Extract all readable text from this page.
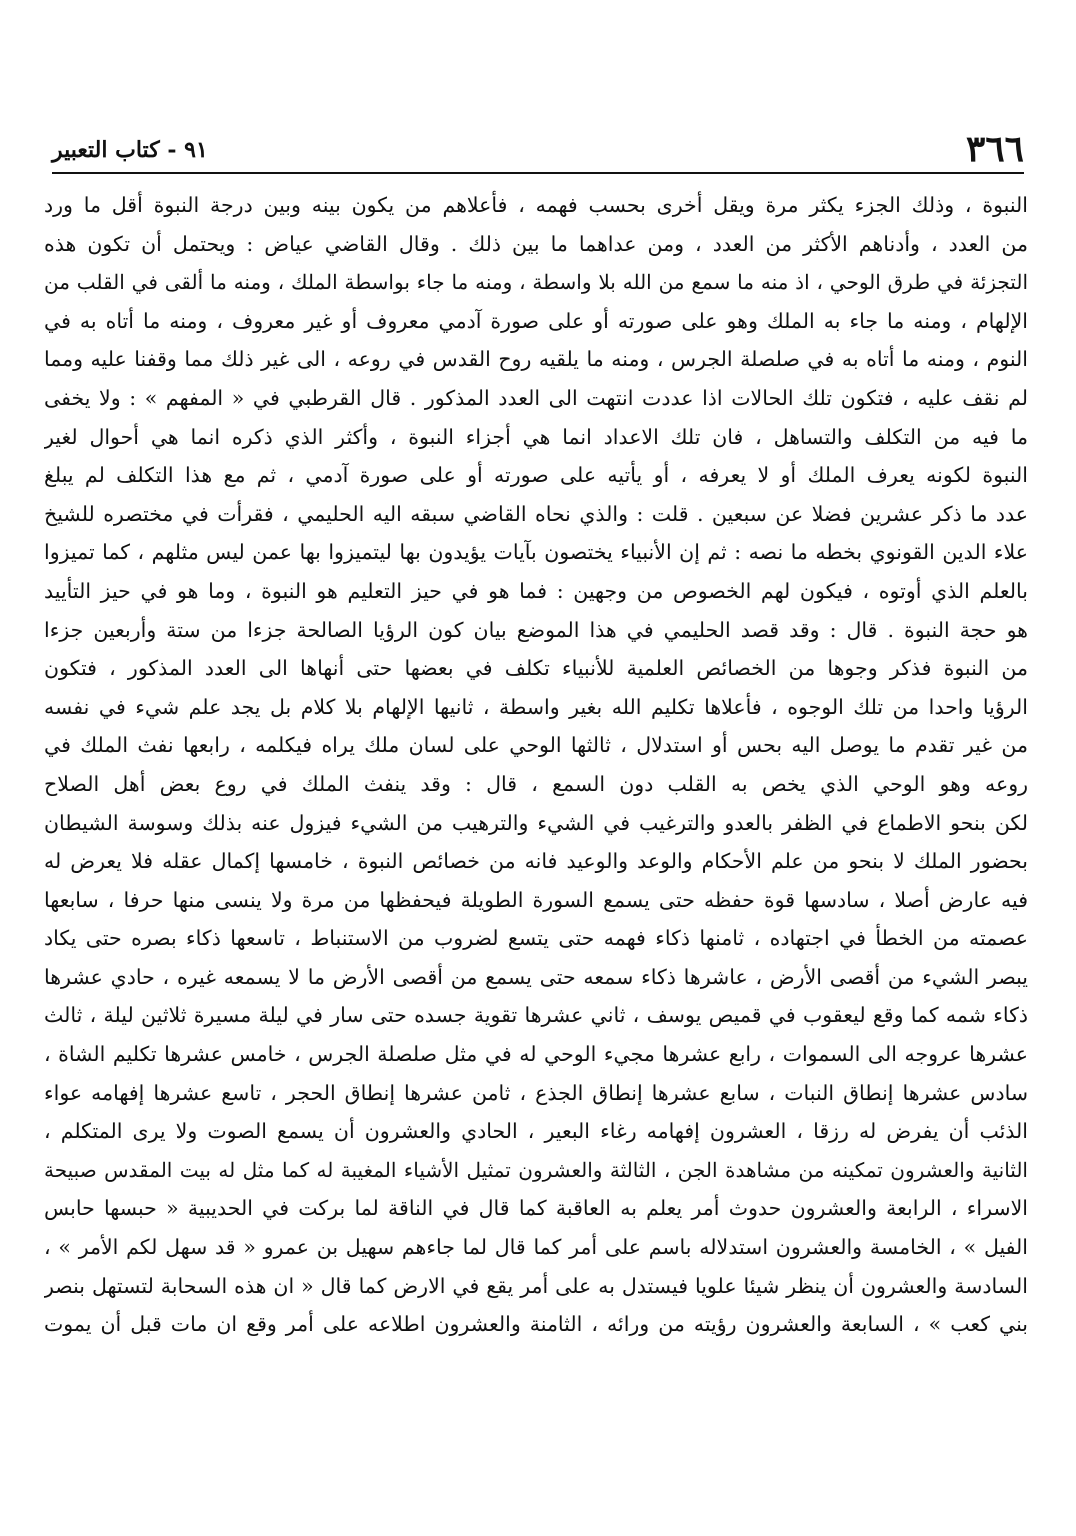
٣٦٦
٩١ - كتاب التعبير
النبوة ، وذلك الجزء يكثر مرة ويقل أخرى بحسب فهمه ، فأعلاهم من يكون بينه وبين درجة النبوة أقل ما ورد
من العدد ، وأدناهم الأكثر من العدد ، ومن عداهما ما بين ذلك . وقال القاضي عياض : ويحتمل أن تكون هذه
التجزئة في طرق الوحي ، اذ منه ما سمع من الله بلا واسطة ، ومنه ما جاء بواسطة الملك ، ومنه ما ألقى في القلب من
الإلهام ، ومنه ما جاء به الملك وهو على صورته أو على صورة آدمي معروف أو غير معروف ، ومنه ما أتاه به في
النوم ، ومنه ما أتاه به في صلصلة الجرس ، ومنه ما يلقيه روح القدس في روعه ، الى غير ذلك مما وقفنا عليه ومما
لم نقف عليه ، فتكون تلك الحالات اذا عددت انتهت الى العدد المذكور . قال القرطبي في « المفهم » : ولا يخفى
ما فيه من التكلف والتساهل ، فان تلك الاعداد انما هي أجزاء النبوة ، وأكثر الذي ذكره انما هي أحوال لغير
النبوة لكونه يعرف الملك أو لا يعرفه ، أو يأتيه على صورته أو على صورة آدمي ، ثم مع هذا التكلف لم يبلغ
عدد ما ذكر عشرين فضلا عن سبعين . قلت : والذي نحاه القاضي سبقه اليه الحليمي ، فقرأت في مختصره للشيخ
علاء الدين القونوي بخطه ما نصه : ثم إن الأنبياء يختصون بآيات يؤيدون بها ليتميزوا بها عمن ليس مثلهم ، كما تميزوا
بالعلم الذي أوتوه ، فيكون لهم الخصوص من وجهين : فما هو في حيز التعليم هو النبوة ، وما هو في حيز التأييد
هو حجة النبوة . قال : وقد قصد الحليمي في هذا الموضع بيان كون الرؤيا الصالحة جزءا من ستة وأربعين جزءا
من النبوة فذكر وجوها من الخصائص العلمية للأنبياء تكلف في بعضها حتى أنهاها الى العدد المذكور ، فتكون
الرؤيا واحدا من تلك الوجوه ، فأعلاها تكليم الله بغير واسطة ، ثانيها الإلهام بلا كلام بل يجد علم شيء في نفسه
من غير تقدم ما يوصل اليه بحس أو استدلال ، ثالثها الوحي على لسان ملك يراه فيكلمه ، رابعها نفث الملك في
روعه وهو الوحي الذي يخص به القلب دون السمع ، قال : وقد ينفث الملك في روع بعض أهل الصلاح
لكن بنحو الاطماع في الظفر بالعدو والترغيب في الشيء والترهيب من الشيء فيزول عنه بذلك وسوسة الشيطان
بحضور الملك لا بنحو من علم الأحكام والوعد والوعيد فانه من خصائص النبوة ، خامسها إكمال عقله فلا يعرض له
فيه عارض أصلا ، سادسها قوة حفظه حتى يسمع السورة الطويلة فيحفظها من مرة ولا ينسى منها حرفا ، سابعها
عصمته من الخطأ في اجتهاده ، ثامنها ذكاء فهمه حتى يتسع لضروب من الاستنباط ، تاسعها ذكاء بصره حتى يكاد
يبصر الشيء من أقصى الأرض ، عاشرها ذكاء سمعه حتى يسمع من أقصى الأرض ما لا يسمعه غيره ، حادي عشرها
ذكاء شمه كما وقع ليعقوب في قميص يوسف ، ثاني عشرها تقوية جسده حتى سار في ليلة مسيرة ثلاثين ليلة ، ثالث
عشرها عروجه الى السموات ، رابع عشرها مجيء الوحي له في مثل صلصلة الجرس ، خامس عشرها تكليم الشاة ،
سادس عشرها إنطاق النبات ، سابع عشرها إنطاق الجذع ، ثامن عشرها إنطاق الحجر ، تاسع عشرها إفهامه عواء
الذئب أن يفرض له رزقا ، العشرون إفهامه رغاء البعير ، الحادي والعشرون أن يسمع الصوت ولا يرى المتكلم ،
الثانية والعشرون تمكينه من مشاهدة الجن ، الثالثة والعشرون تمثيل الأشياء المغيبة له كما مثل له بيت المقدس صبيحة
الاسراء ، الرابعة والعشرون حدوث أمر يعلم به العاقبة كما قال في الناقة لما بركت في الحديبية « حبسها حابس
الفيل » ، الخامسة والعشرون استدلاله باسم على أمر كما قال لما جاءهم سهيل بن عمرو « قد سهل لكم الأمر » ،
السادسة والعشرون أن ينظر شيئا علويا فيستدل به على أمر يقع في الارض كما قال « ان هذه السحابة لتستهل بنصر
بني كعب » ، السابعة والعشرون رؤيته من ورائه ، الثامنة والعشرون اطلاعه على أمر وقع ان مات قبل أن يموت
